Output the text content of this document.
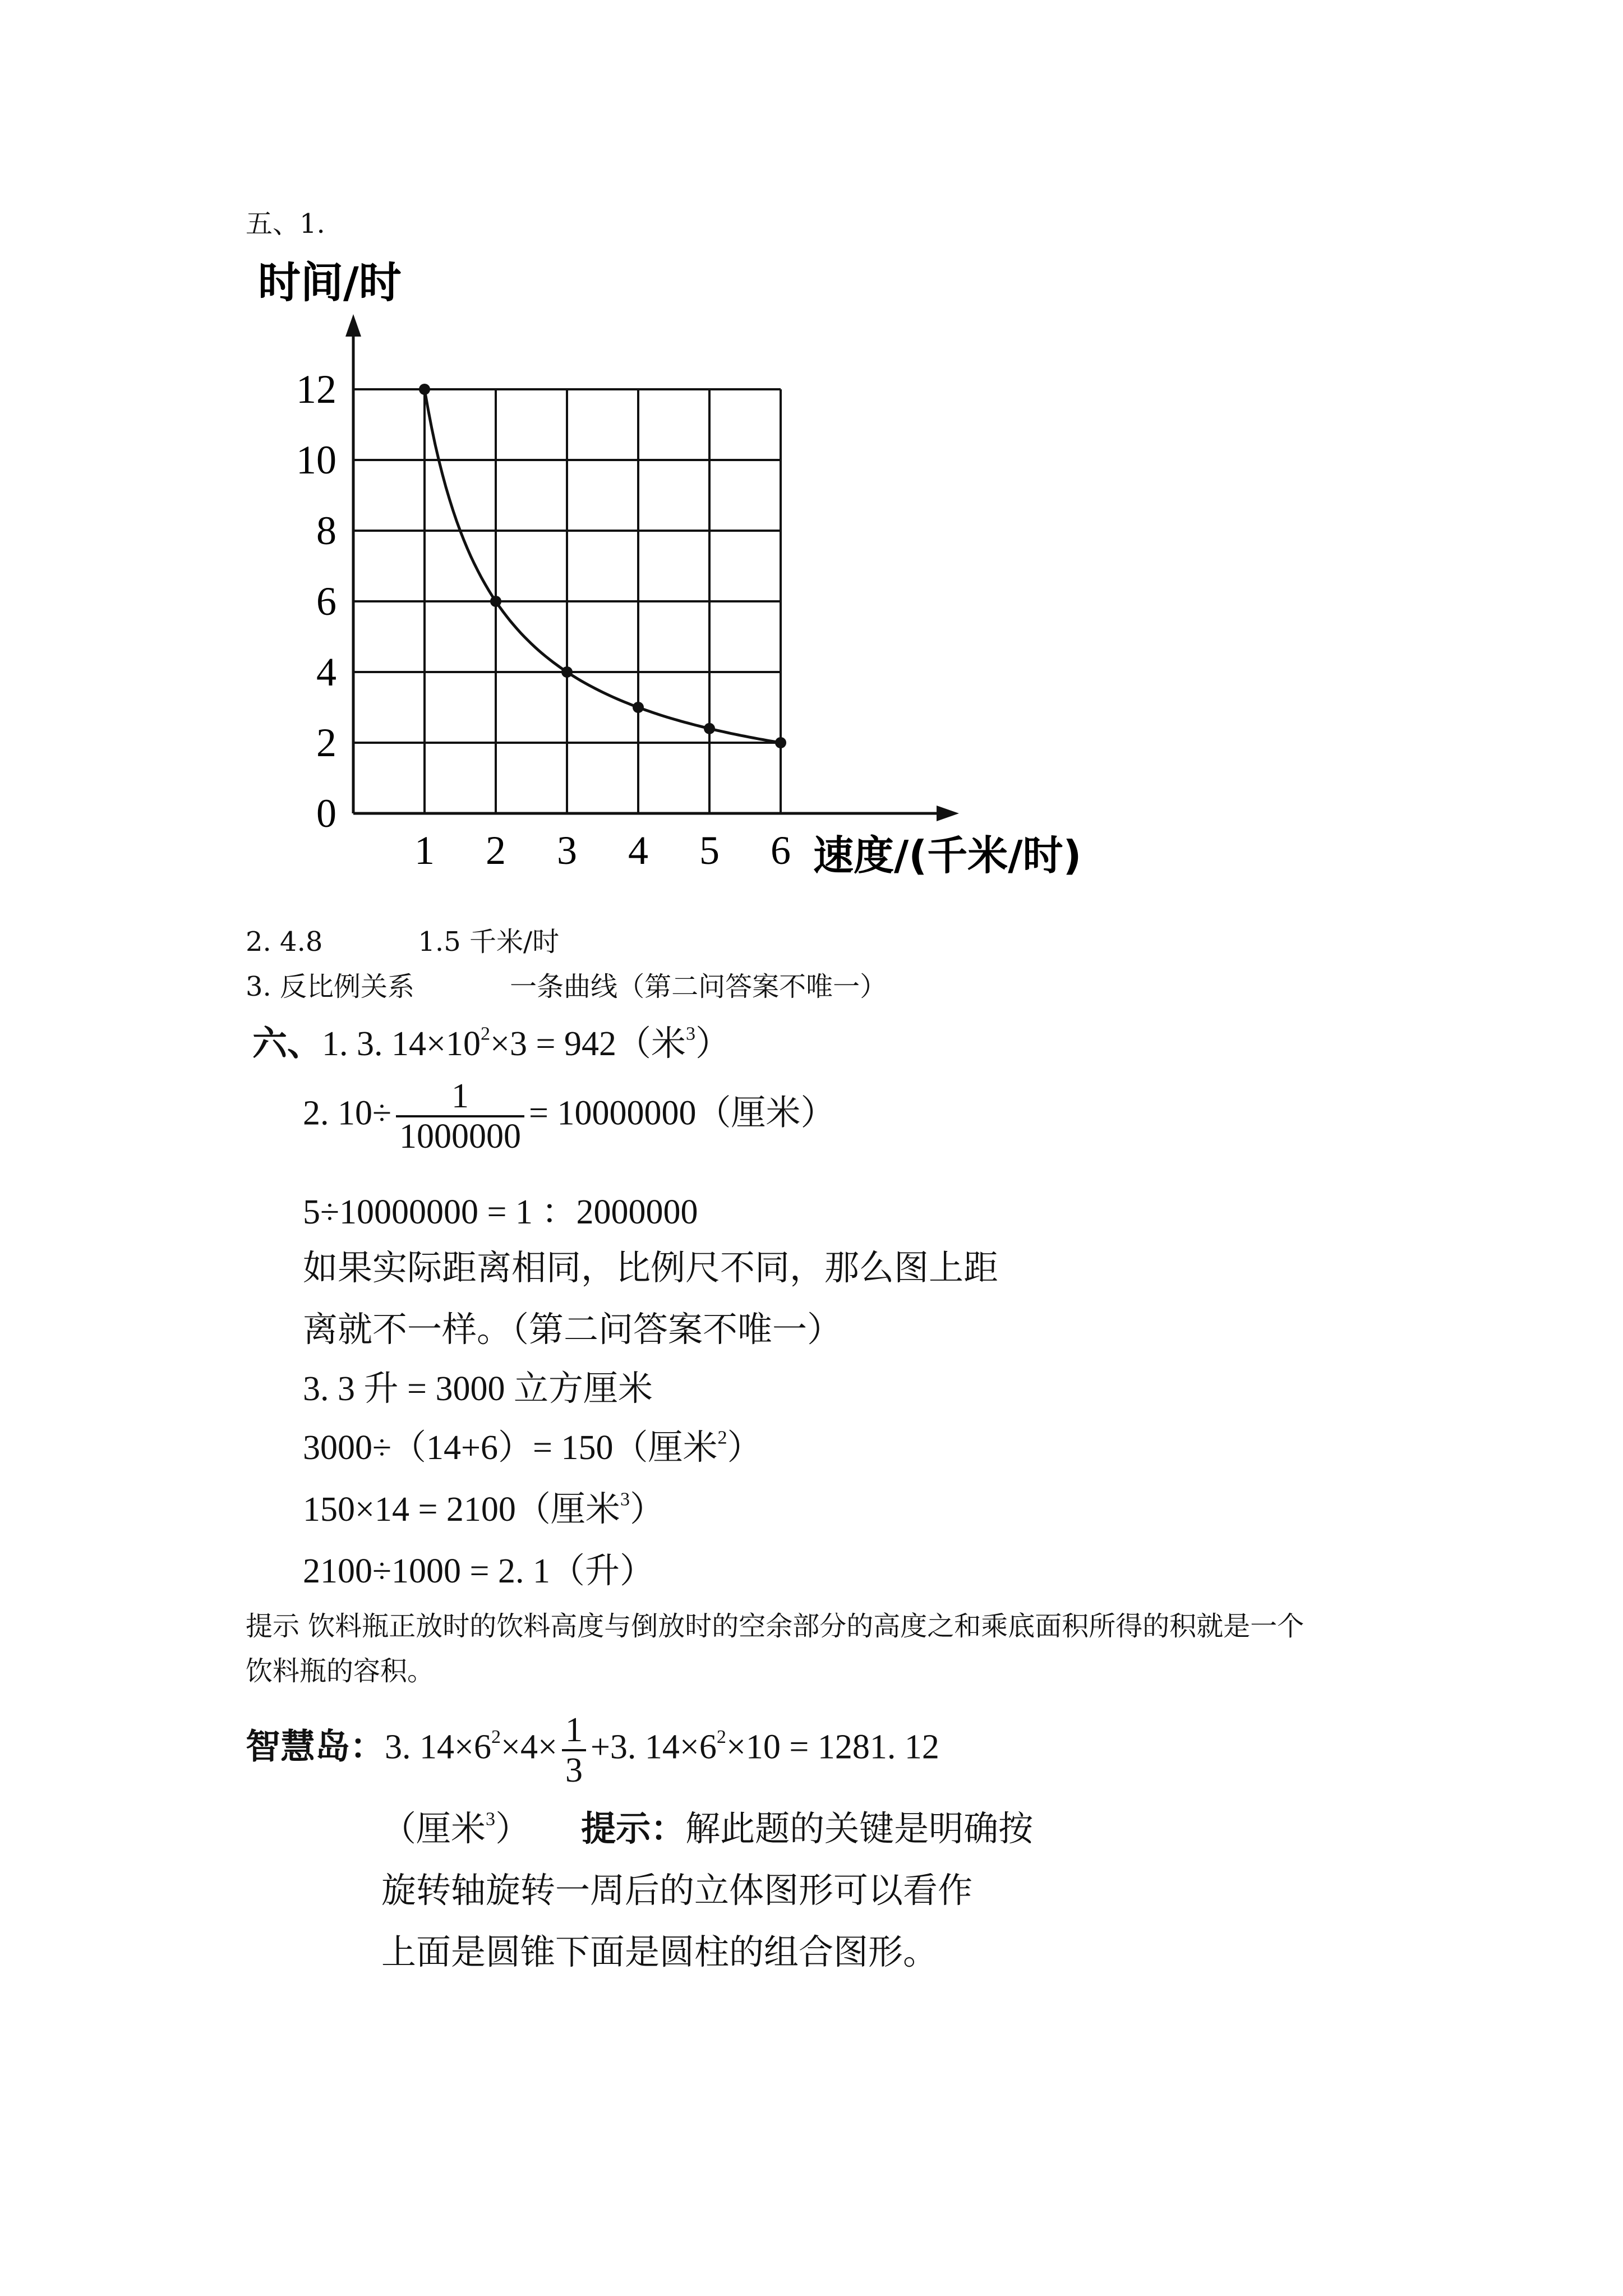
五、1.
1 2 3 4 5 6
0
2
4
6
8
10
12
时间/时
速度/(千米/时)
2. 4.8	1.5 千米/时
3. 反比例关系	一条曲线（第二问答案不唯一）
六、1. 3. $14\times 10^2\times 3 = 942$（米$^3$）
2. $10\div \frac{1}{1000000} = 10000000$（厘米）
5÷10000000 = 1 ：2000000
如果实际距离相同，比例尺不同，那么图上距
离就不一样。（第二问答案不唯一）
3. 3 升 = 3000 立方厘米
3000÷（14+6）= 150（厘米$^2$）
150×14 = 2100（厘米$^3$）
2100÷1000 = 2. 1（升）
提示 饮料瓶正放时的饮料高度与倒放时的空余部分的高度之和乘底面积所得的积就是一个
饮料瓶的容积。
智慧岛：3. $14\times 6^2\times 4\times \frac{1}{3} +3$. $14\times 6^2\times 10 = 1281$. 12
（厘米$^3$） 提示：解此题的关键是明确按
旋转轴旋转一周后的立体图形可以看作
上面是圆锥下面是圆柱的组合图形。
